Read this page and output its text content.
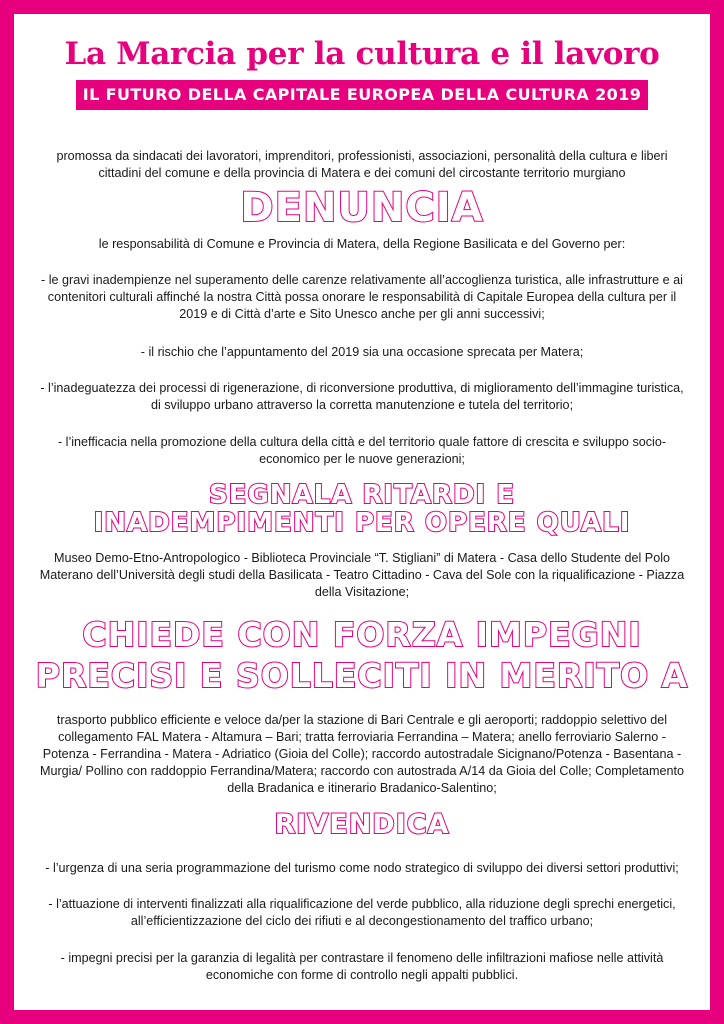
La Marcia per la cultura e il lavoro
IL FUTURO DELLA CAPITALE EUROPEA DELLA CULTURA 2019

promossa da sindacati dei lavoratori, imprenditori, professionisti, associazioni, personalità della cultura e liberi cittadini del comune e della provincia di Matera e dei comuni del circostante territorio murgiano

DENUNCIA

le responsabilità di Comune e Provincia di Matera, della Regione Basilicata e del Governo per:

- le gravi inadempienze nel superamento delle carenze relativamente all’accoglienza turistica, alle infrastrutture e ai contenitori culturali affinché la nostra Città possa onorare le responsabilità di Capitale Europea della cultura per il 2019 e di Città d’arte e Sito Unesco anche per gli anni successivi;

- il rischio che l’appuntamento del 2019 sia una occasione sprecata per Matera;

- l’inadeguatezza dei processi di rigenerazione, di riconversione produttiva, di miglioramento dell’immagine turistica, di sviluppo urbano attraverso la corretta manutenzione e tutela del territorio;

- l’inefficacia nella promozione della cultura della città e del territorio quale fattore di crescita e sviluppo socio-economico per le nuove generazioni;

SEGNALA RITARDI E
INADEMPIMENTI PER OPERE QUALI

Museo Demo-Etno-Antropologico - Biblioteca Provinciale “T. Stigliani” di Matera - Casa dello Studente del Polo Materano dell’Università degli studi della Basilicata - Teatro Cittadino - Cava del Sole con la riqualificazione - Piazza della Visitazione;

CHIEDE CON FORZA IMPEGNI
PRECISI E SOLLECITI IN MERITO A

trasporto pubblico efficiente e veloce da/per la stazione di Bari Centrale e gli aeroporti; raddoppio selettivo del collegamento FAL Matera - Altamura – Bari; tratta ferroviaria Ferrandina – Matera; anello ferroviario Salerno - Potenza - Ferrandina - Matera - Adriatico (Gioia del Colle); raccordo autostradale Sicignano/Potenza - Basentana - Murgia/ Pollino con raddoppio Ferrandina/Matera; raccordo con autostrada A/14 da Gioia del Colle; Completamento della Bradanica e itinerario Bradanico-Salentino;

RIVENDICA

- l’urgenza di una seria programmazione del turismo come nodo strategico di sviluppo dei diversi settori produttivi;

- l’attuazione di interventi finalizzati alla riqualificazione del verde pubblico, alla riduzione degli sprechi energetici, all’efficientizzazione del ciclo dei rifiuti e al decongestionamento del traffico urbano;

- impegni precisi per la garanzia di legalità per contrastare il fenomeno delle infiltrazioni mafiose nelle attività economiche con forme di controllo negli appalti pubblici.
